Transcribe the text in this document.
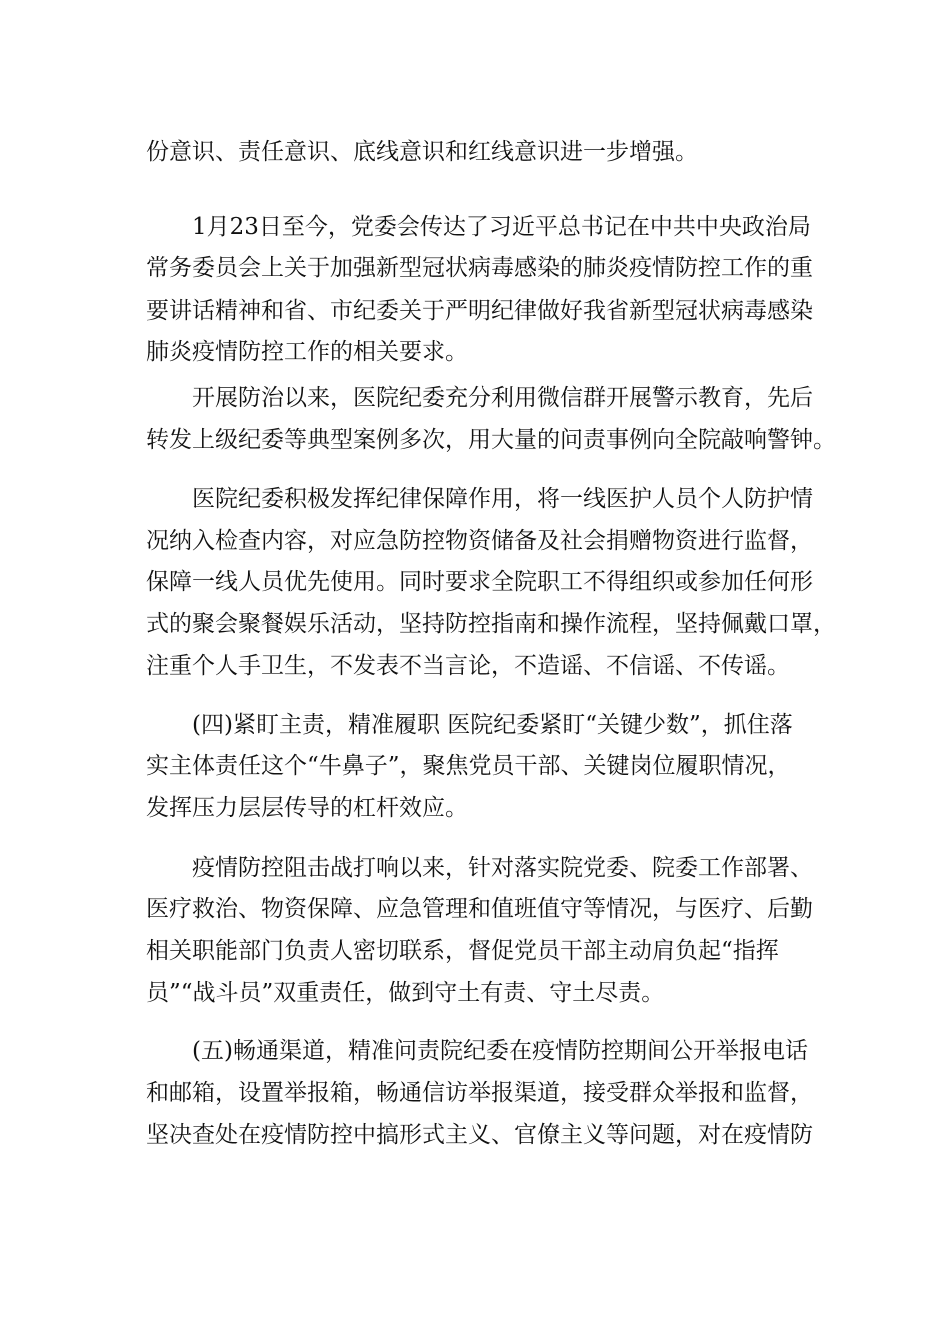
份意识、责任意识、底线意识和红线意识进一步增强。
1月23日至今，党委会传达了习近平总书记在中共中央政治局
常务委员会上关于加强新型冠状病毒感染的肺炎疫情防控工作的重
要讲话精神和省、市纪委关于严明纪律做好我省新型冠状病毒感染
肺炎疫情防控工作的相关要求。
开展防治以来，医院纪委充分利用微信群开展警示教育，先后
转发上级纪委等典型案例多次，用大量的问责事例向全院敲响警钟。
医院纪委积极发挥纪律保障作用，将一线医护人员个人防护情
况纳入检查内容，对应急防控物资储备及社会捐赠物资进行监督，
保障一线人员优先使用。同时要求全院职工不得组织或参加任何形
式的聚会聚餐娱乐活动，坚持防控指南和操作流程，坚持佩戴口罩，
注重个人手卫生，不发表不当言论，不造谣、不信谣、不传谣。
(四)紧盯主责，精准履职 医院纪委紧盯“关键少数”，抓住落
实主体责任这个“牛鼻子”，聚焦党员干部、关键岗位履职情况，
发挥压力层层传导的杠杆效应。
疫情防控阻击战打响以来，针对落实院党委、院委工作部署、
医疗救治、物资保障、应急管理和值班值守等情况，与医疗、后勤
相关职能部门负责人密切联系，督促党员干部主动肩负起“指挥
员”“战斗员”双重责任，做到守土有责、守土尽责。
(五)畅通渠道，精准问责院纪委在疫情防控期间公开举报电话
和邮箱，设置举报箱，畅通信访举报渠道，接受群众举报和监督，
坚决查处在疫情防控中搞形式主义、官僚主义等问题，对在疫情防
